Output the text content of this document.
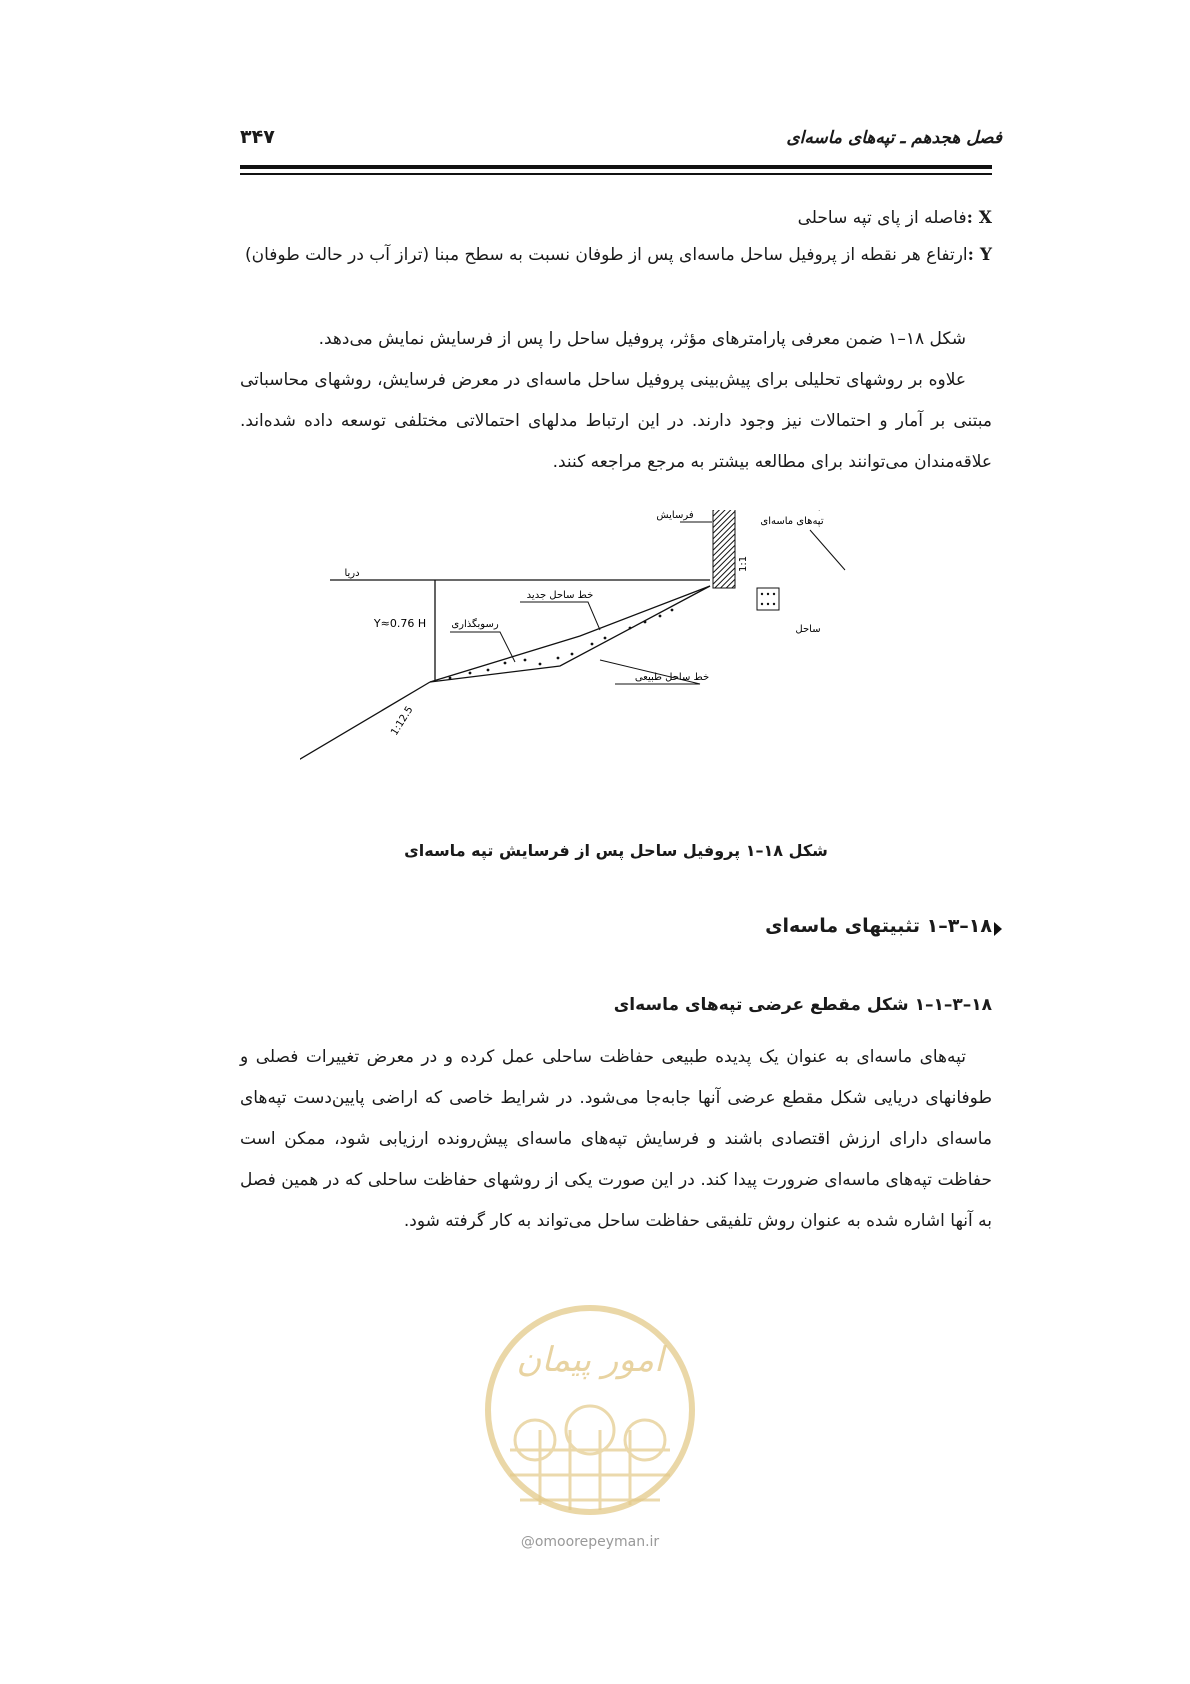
فصل هجدهم ـ تپه‌های ماسه‌ای
۳۴۷
X :فاصله از پای تپه ساحلی
Y :ارتفاع هر نقطه از پروفیل ساحل ماسه‌ای پس از طوفان نسبت به سطح مبنا (تراز آب در حالت طوفان)
شکل ۱۸–۱ ضمن معرفی پارامترهای مؤثر، پروفیل ساحل را پس از فرسایش نمایش می‌دهد.
علاوه بر روشهای تحلیلی برای پیش‌بینی پروفیل ساحل ماسه‌ای در معرض فرسایش، روشهای محاسباتی مبتنی بر آمار و احتمالات نیز وجود دارند. در این ارتباط مدلهای احتمالاتی مختلفی توسعه داده شده‌اند. علاقه‌مندان می‌توانند برای مطالعه بیشتر به مرجع مراجعه کنند.
فرسایش
تپه‌های ماسه‌ای
دریا
خط ساحل جدید
Y≈0.76 H	رسوبگذاری	ساحل
خط ساحل طبیعی
1:1
1:12.5
شکل ۱۸–۱ پروفیل ساحل پس از فرسایش تپه ماسه‌ای
۱۸–۳–۱ تثبیتهای ماسه‌ای
۱۸–۳–۱–۱ شکل مقطع عرضی تپه‌های ماسه‌ای
تپه‌های ماسه‌ای به عنوان یک پدیده طبیعی حفاظت ساحلی عمل کرده و در معرض تغییرات فصلی و طوفانهای دریایی شکل مقطع عرضی آنها جابه‌جا می‌شود. در شرایط خاصی که اراضی پایین‌دست تپه‌های ماسه‌ای دارای ارزش اقتصادی باشند و فرسایش تپه‌های ماسه‌ای پیش‌رونده ارزیابی شود، ممکن است حفاظت تپه‌های ماسه‌ای ضرورت پیدا کند. در این صورت یکی از روشهای حفاظت ساحلی که در همین فصل به آنها اشاره شده به عنوان روش تلفیقی حفاظت ساحل می‌تواند به کار گرفته شود.
امور پیمان
@omoorepeyman.ir
